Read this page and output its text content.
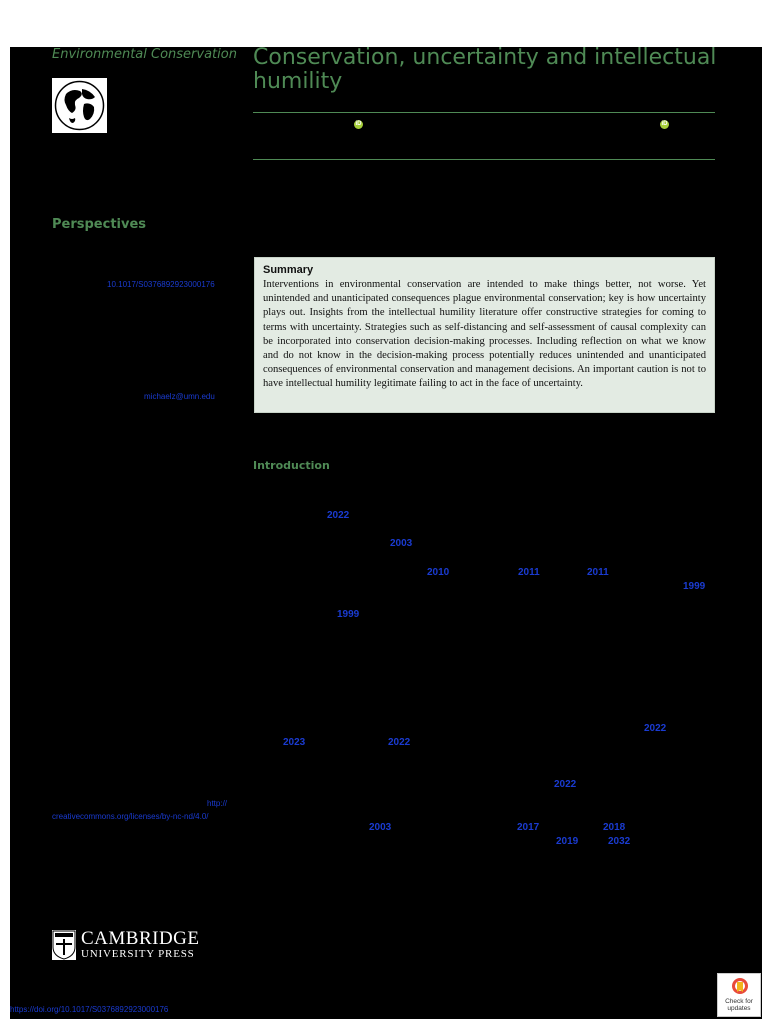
Environmental Conservation Conservation, uncertainty and intellectual humility
iD	iD
Perspectives
10.1017/S0376892923000176
michaelz@umn.edu
Summary

Interventions in environmental conservation are intended to make things better, not worse. Yet unintended and unanticipated consequences plague environmental conservation; key is how uncertainty plays out. Insights from the intellectual humility literature offer constructive strategies for coming to terms with uncertainty. Strategies such as self-distancing and self-assessment of causal complexity can be incorporated into conservation decision-making processes. Including reflection on what we know and do not know in the decision-making process potentially reduces unintended and unanticipated consequences of environmental conservation and management decisions. An important caution is not to have intellectual humility legitimate failing to act in the face of uncertainty.

Introduction
2022
2003
2010	2011	2011
1999
1999
2022
2023	2022
2022
2003	2017	2018
2019	2032
http://
creativecommons.org/licenses/by-nc-nd/4.0/
CAMBRIDGE
UNIVERSITY PRESS
Check for
updates
https://doi.org/10.1017/S0376892923000176
